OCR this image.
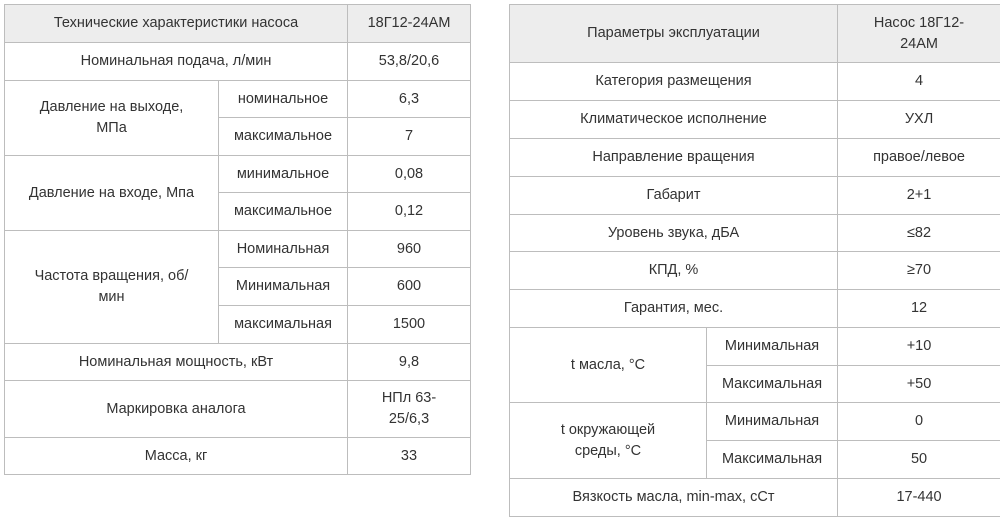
Технические характеристики насоса		18Г12-24АМ
Номинальная подача, л/мин		53,8/20,6
Давление на выходе, МПа	номинальное	6,3
	максимальное	7
Давление на входе, Мпа	минимальное	0,08
	максимальное	0,12
Частота вращения, об/мин	Номинальная	960
	Минимальная	600
	максимальная	1500
Номинальная мощность, кВт		9,8
Маркировка аналога		НПл 63-25/6,3
Масса, кг		33
Параметры эксплуатации		Насос 18Г12-24АМ
Категория размещения		4
Климатическое исполнение		УХЛ
Направление вращения		правое/левое
Габарит		2+1
Уровень звука, дБА		≤82
КПД, %		≥70
Гарантия, мес.		12
t масла, °C	Минимальная	+10
	Максимальная	+50
t окружающей среды, °C	Минимальная	0
	Максимальная	50
Вязкость масла, min-max, cСт		17-440
